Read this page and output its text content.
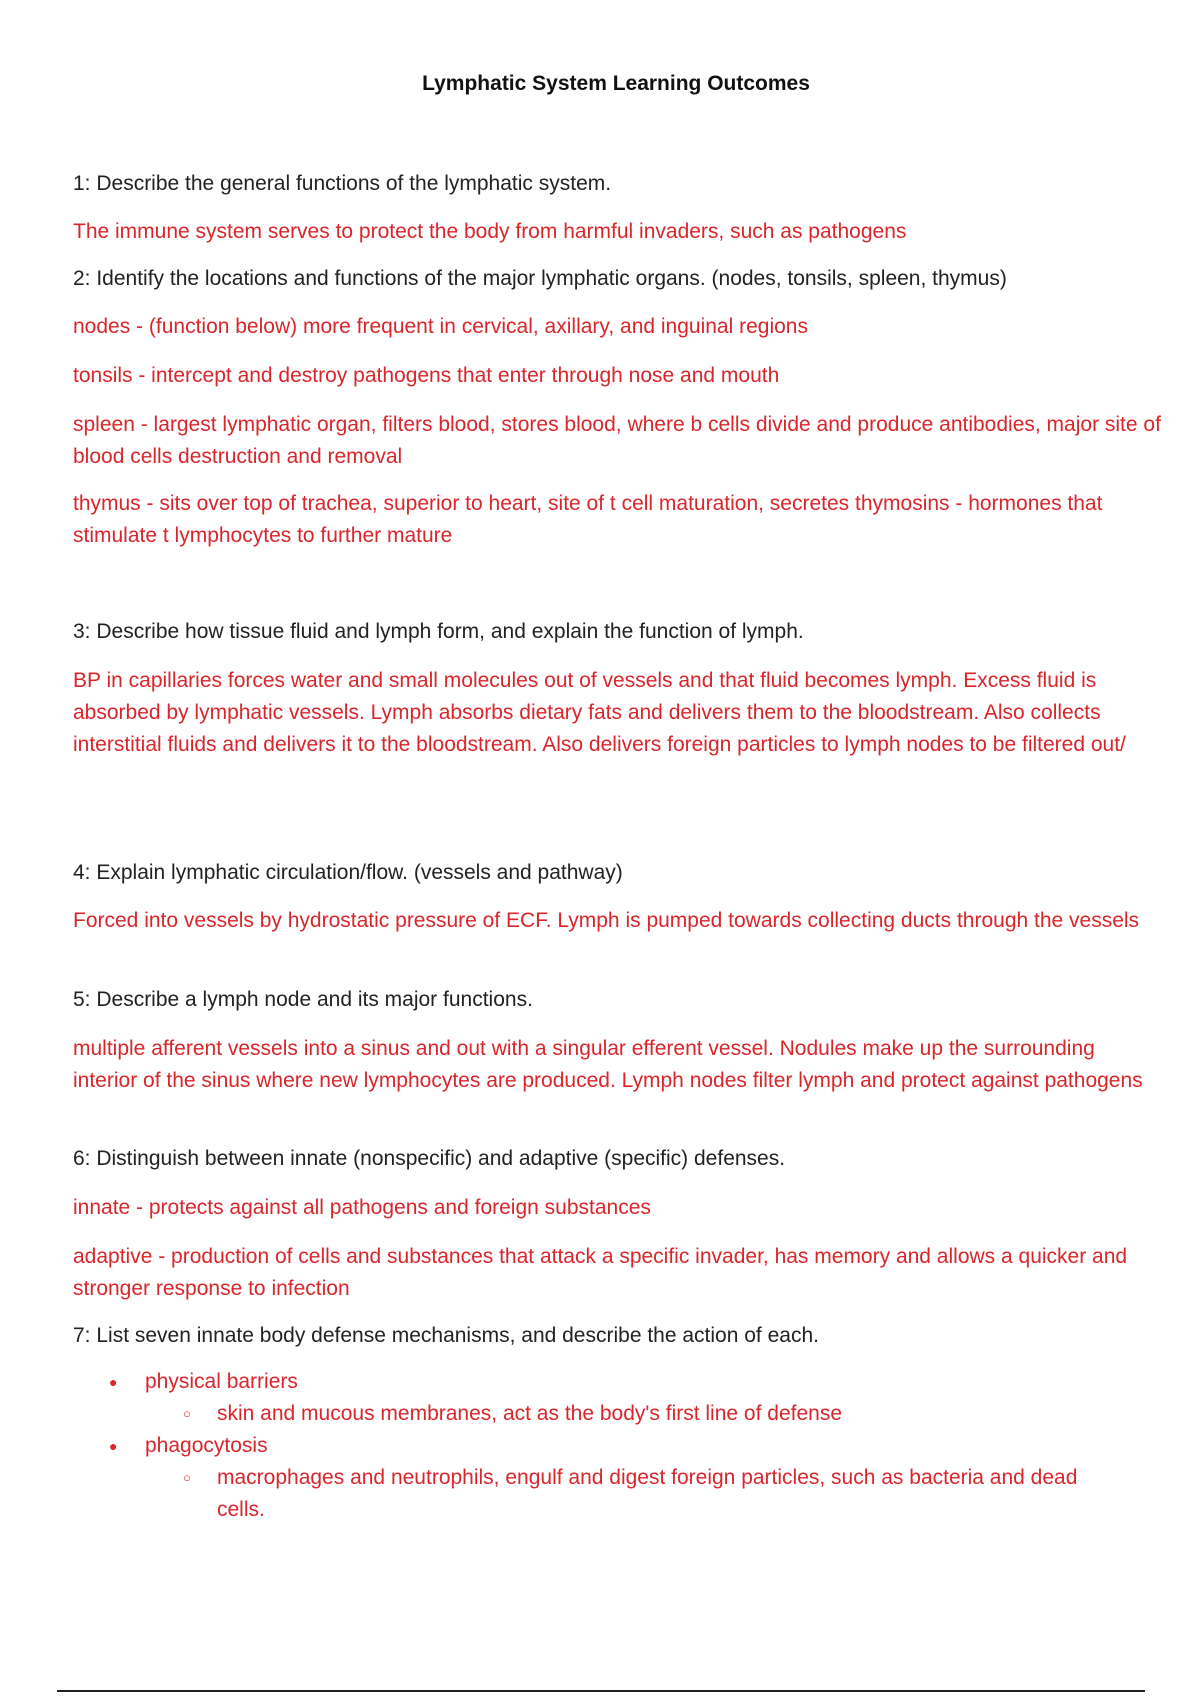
Lymphatic System Learning Outcomes

1: Describe the general functions of the lymphatic system.

The immune system serves to protect the body from harmful invaders, such as pathogens

2: Identify the locations and functions of the major lymphatic organs. (nodes, tonsils, spleen, thymus)

nodes - (function below) more frequent in cervical, axillary, and inguinal regions

tonsils - intercept and destroy pathogens that enter through nose and mouth

spleen - largest lymphatic organ, filters blood, stores blood, where b cells divide and produce antibodies, major site of blood cells destruction and removal

thymus - sits over top of trachea, superior to heart, site of t cell maturation, secretes thymosins - hormones that stimulate t lymphocytes to further mature

3: Describe how tissue fluid and lymph form, and explain the function of lymph.

BP in capillaries forces water and small molecules out of vessels and that fluid becomes lymph. Excess fluid is absorbed by lymphatic vessels. Lymph absorbs dietary fats and delivers them to the bloodstream. Also collects interstitial fluids and delivers it to the bloodstream. Also delivers foreign particles to lymph nodes to be filtered out/

4: Explain lymphatic circulation/flow. (vessels and pathway)

Forced into vessels by hydrostatic pressure of ECF. Lymph is pumped towards collecting ducts through the vessels

5: Describe a lymph node and its major functions.

multiple afferent vessels into a sinus and out with a singular efferent vessel. Nodules make up the surrounding interior of the sinus where new lymphocytes are produced. Lymph nodes filter lymph and protect against pathogens

6: Distinguish between innate (nonspecific) and adaptive (specific) defenses.

innate - protects against all pathogens and foreign substances

adaptive - production of cells and substances that attack a specific invader, has memory and allows a quicker and stronger response to infection

7: List seven innate body defense mechanisms, and describe the action of each.

● physical barriers
○ skin and mucous membranes, act as the body's first line of defense
● phagocytosis
○ macrophages and neutrophils, engulf and digest foreign particles, such as bacteria and dead cells.
